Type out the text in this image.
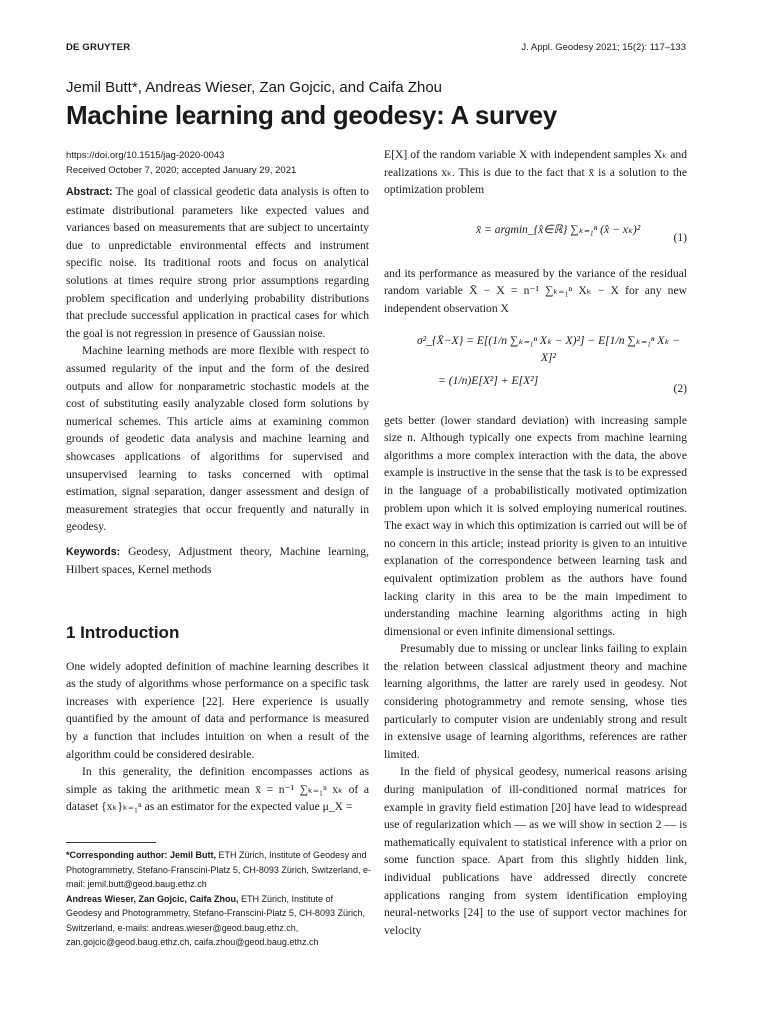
DE GRUYTER	J. Appl. Geodesy 2021; 15(2): 117–133
Jemil Butt*, Andreas Wieser, Zan Gojcic, and Caifa Zhou
Machine learning and geodesy: A survey
https://doi.org/10.1515/jag-2020-0043
Received October 7, 2020; accepted January 29, 2021

Abstract: The goal of classical geodetic data analysis is often to estimate distributional parameters like expected values and variances based on measurements that are subject to uncertainty due to unpredictable environmental effects and instrument specific noise. Its traditional roots and focus on analytical solutions at times require strong prior assumptions regarding problem specification and underlying probability distributions that preclude successful application in practical cases for which the goal is not regression in presence of Gaussian noise.

Machine learning methods are more flexible with respect to assumed regularity of the input and the form of the desired outputs and allow for nonparametric stochastic models at the cost of substituting easily analyzable closed form solutions by numerical schemes. This article aims at examining common grounds of geodetic data analysis and machine learning and showcases applications of algorithms for supervised and unsupervised learning to tasks concerned with optimal estimation, signal separation, danger assessment and design of measurement strategies that occur frequently and naturally in geodesy.

Keywords: Geodesy, Adjustment theory, Machine learning, Hilbert spaces, Kernel methods

1 Introduction

One widely adopted definition of machine learning describes it as the study of algorithms whose performance on a specific task increases with experience [22]. Here experience is usually quantified by the amount of data and performance is measured by a function that includes intuition on when a result of the algorithm could be considered desirable.

In this generality, the definition encompasses actions as simple as taking the arithmetic mean x̄ = n⁻¹ ∑ₖ₌₁ⁿ xₖ of a dataset {xₖ}ₖ₌₁ⁿ as an estimator for the expected value μ_X =

E[X] of the random variable X with independent samples Xₖ and realizations xₖ. This is due to the fact that x̄ is a solution to the optimization problem

x̄ = argmin_{x̂∈ℝ} ∑ₖ₌₁ⁿ (x̂ − xₖ)²
(1)

and its performance as measured by the variance of the residual random variable X̄ − X = n⁻¹ ∑ₖ₌₁ⁿ Xₖ − X for any new independent observation X

σ²_{X̄−X} = E[(1/n ∑ₖ₌₁ⁿ Xₖ − X)²] − E[1/n ∑ₖ₌₁ⁿ Xₖ − X]²
= (1/n)E[X²] + E[X²]
(2)

gets better (lower standard deviation) with increasing sample size n. Although typically one expects from machine learning algorithms a more complex interaction with the data, the above example is instructive in the sense that the task is to be expressed in the language of a probabilistically motivated optimization problem upon which it is solved employing numerical routines. The exact way in which this optimization is carried out will be of no concern in this article; instead priority is given to an intuitive explanation of the correspondence between learning task and equivalent optimization problem as the authors have found lacking clarity in this area to be the main impediment to understanding machine learning algorithms acting in high dimensional or even infinite dimensional settings.

Presumably due to missing or unclear links failing to explain the relation between classical adjustment theory and machine learning algorithms, the latter are rarely used in geodesy. Not considering photogrammetry and remote sensing, whose ties particularly to computer vision are undeniably strong and result in extensive usage of learning algorithms, references are rather limited.

In the field of physical geodesy, numerical reasons arising during manipulation of ill-conditioned normal matrices for example in gravity field estimation [20] have lead to widespread use of regularization which — as we will show in section 2 — is mathematically equivalent to statistical inference with a prior on some function space. Apart from this slightly hidden link, individual publications have addressed directly concrete applications ranging from system identification employing neural-networks [24] to the use of support vector machines for velocity

*Corresponding author: Jemil Butt, ETH Zürich, Institute of Geodesy and Photogrammetry, Stefano-Franscini-Platz 5, CH-8093 Zürich, Switzerland, e-mail: jemil.butt@geod.baug.ethz.ch
Andreas Wieser, Zan Gojcic, Caifa Zhou, ETH Zürich, Institute of Geodesy and Photogrammetry, Stefano-Franscini-Platz 5, CH-8093 Zürich, Switzerland, e-mails: andreas.wieser@geod.baug.ethz.ch, zan.gojcic@geod.baug.ethz.ch, caifa.zhou@geod.baug.ethz.ch
